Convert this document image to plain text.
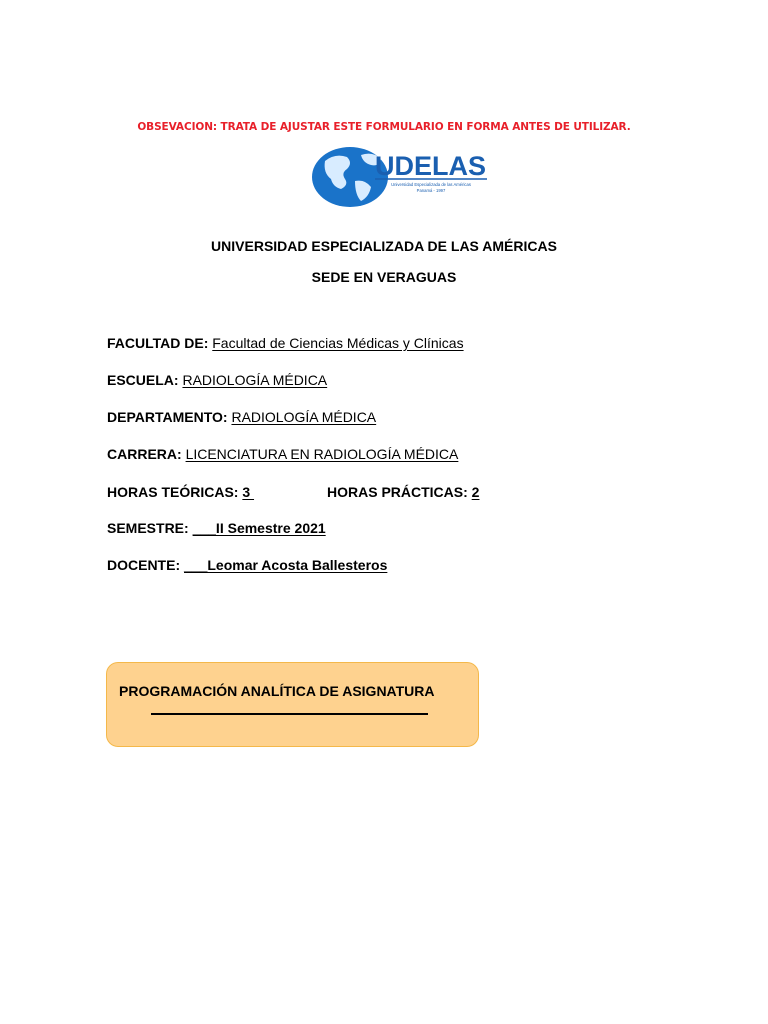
OBSEVACION: TRATA DE AJUSTAR ESTE FORMULARIO EN FORMA ANTES DE UTILIZAR.
UDELAS
Universidad Especializada de las Américas
Panamá - 1997
UNIVERSIDAD ESPECIALIZADA DE LAS AMÉRICAS
SEDE EN VERAGUAS
FACULTAD DE: Facultad de Ciencias Médicas y Clínicas
ESCUELA: RADIOLOGÍA MÉDICA
DEPARTAMENTO: RADIOLOGÍA MÉDICA
CARRERA: LICENCIATURA EN RADIOLOGÍA MÉDICA
HORAS TEÓRICAS: 3	HORAS PRÁCTICAS: 2
SEMESTRE: ___II Semestre 2021
DOCENTE: ___Leomar Acosta Ballesteros
PROGRAMACIÓN ANALÍTICA DE ASIGNATURA
